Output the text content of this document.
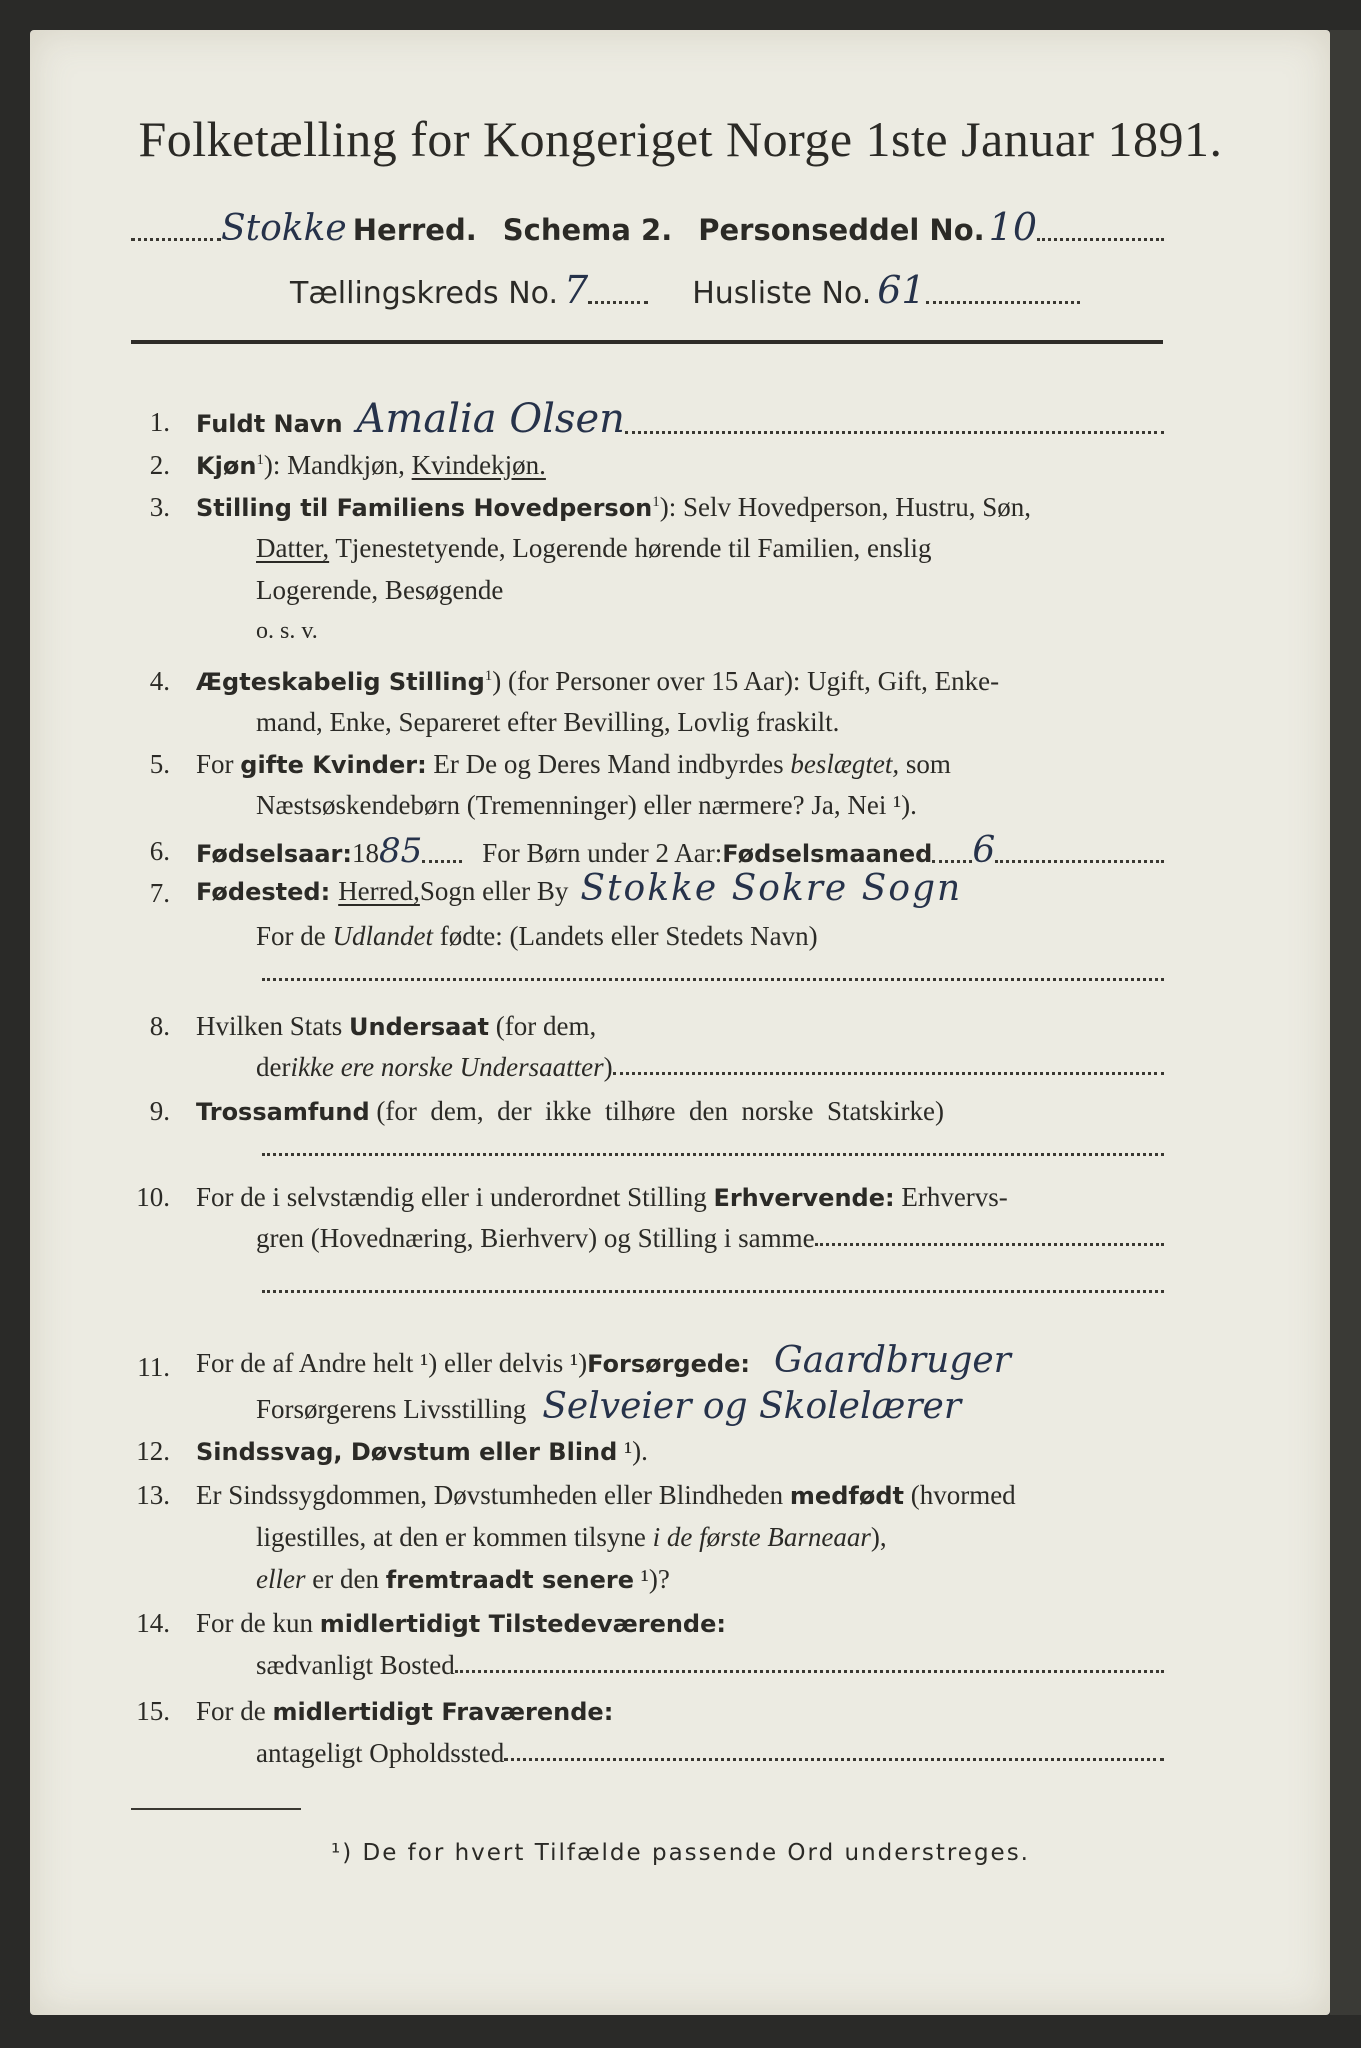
Folketælling for Kongeriget Norge 1ste Januar 1891.
Stokke Herred. Schema 2. Personseddel No. 10
Tællingskreds No. 7	Husliste No. 61
1. Fuldt Navn Amalia Olsen
2. Kjøn$^1$): Mandkjøn, Kvindekjøn.
3. Stilling til Familiens Hovedperson$^1$): Selv Hovedperson, Hustru, Søn,
Datter, Tjenestetyende, Logerende hørende til Familien, enslig
Logerende, Besøgende
o. s. v.
4. Ægteskabelig Stilling$^1$) (for Personer over 15 Aar): Ugift, Gift, Enke-
mand, Enke, Separeret efter Bevilling, Lovlig fraskilt.
5. For gifte Kvinder: Er De og Deres Mand indbyrdes beslægtet, som
Næstsøskendebørn (Tremenninger) eller nærmere? Ja, Nei ¹).
6. Fødselsaar: 18 85 For Børn under 2 Aar: Fødselsmaaned 6
7. Fødested: Herred, Sogn eller By Stokke Sokre Sogn
For de Udlandet fødte: (Landets eller Stedets Navn)
8. Hvilken Stats Undersaat (for dem,
der ikke ere norske Undersaatter )
9. Trossamfund (for  dem,  der  ikke  tilhøre  den  norske  Statskirke)
10. For de i selvstændig eller i underordnet Stilling Erhvervende: Erhvervs-
gren (Hovednæring, Bierhverv) og Stilling i samme
11. For de af Andre helt ¹) eller delvis ¹) Forsørgede: Gaardbruger
Forsørgerens Livsstilling Selveier og Skolelærer
12. Sindssvag, Døvstum eller Blind ¹).
13. Er Sindssygdommen, Døvstumheden eller Blindheden medfødt (hvormed
ligestilles, at den er kommen tilsyne i de første Barneaar),
eller er den fremtraadt senere ¹)?
14. For de kun midlertidigt Tilstedeværende:
sædvanligt Bosted
15. For de midlertidigt Fraværende:
antageligt Opholdssted
¹) De for hvert Tilfælde passende Ord understreges.
